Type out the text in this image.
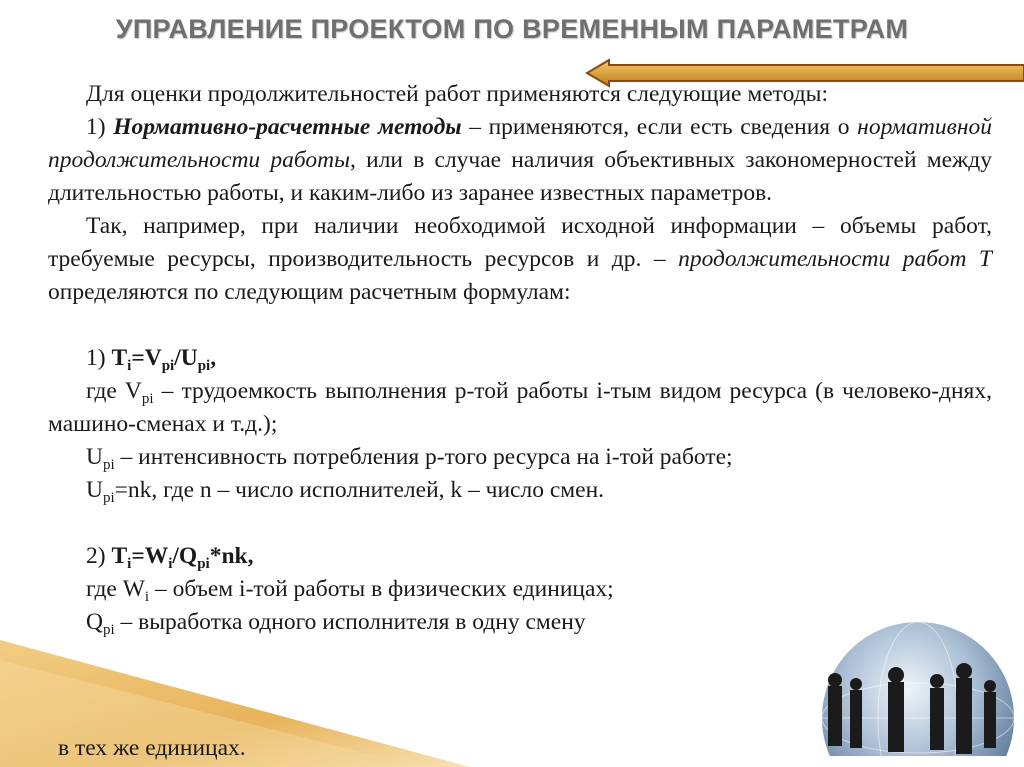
УПРАВЛЕНИЕ ПРОЕКТОМ ПО ВРЕМЕННЫМ ПАРАМЕТРАМ

Для оценки продолжительностей работ применяются следующие методы:

1) Нормативно-расчетные методы – применяются, если есть сведения о нормативной продолжительности работы, или в случае наличия объективных закономерностей между длительностью работы, и каким-либо из заранее известных параметров.

Так, например, при наличии необходимой исходной информации – объемы работ, требуемые ресурсы, производительность ресурсов и др. – продолжительности работ Т определяются по следующим расчетным формулам:

1) $T_i=V_{pi}/U_{pi}$,

где $V_{pi}$ – трудоемкость выполнения р-той работы i-тым видом ресурса (в человеко-днях, машино-сменах и т.д.);

$U_{pi}$ – интенсивность потребления р-того ресурса на i-той работе;

$U_{pi}=nk$, где n – число исполнителей, k – число смен.

2) $T_i=W_i/Q_{pi}*nk$,

где $W_i$ – объем i-той работы в физических единицах;

$Q_{pi}$ – выработка одного исполнителя в одну смену

в тех же единицах.
